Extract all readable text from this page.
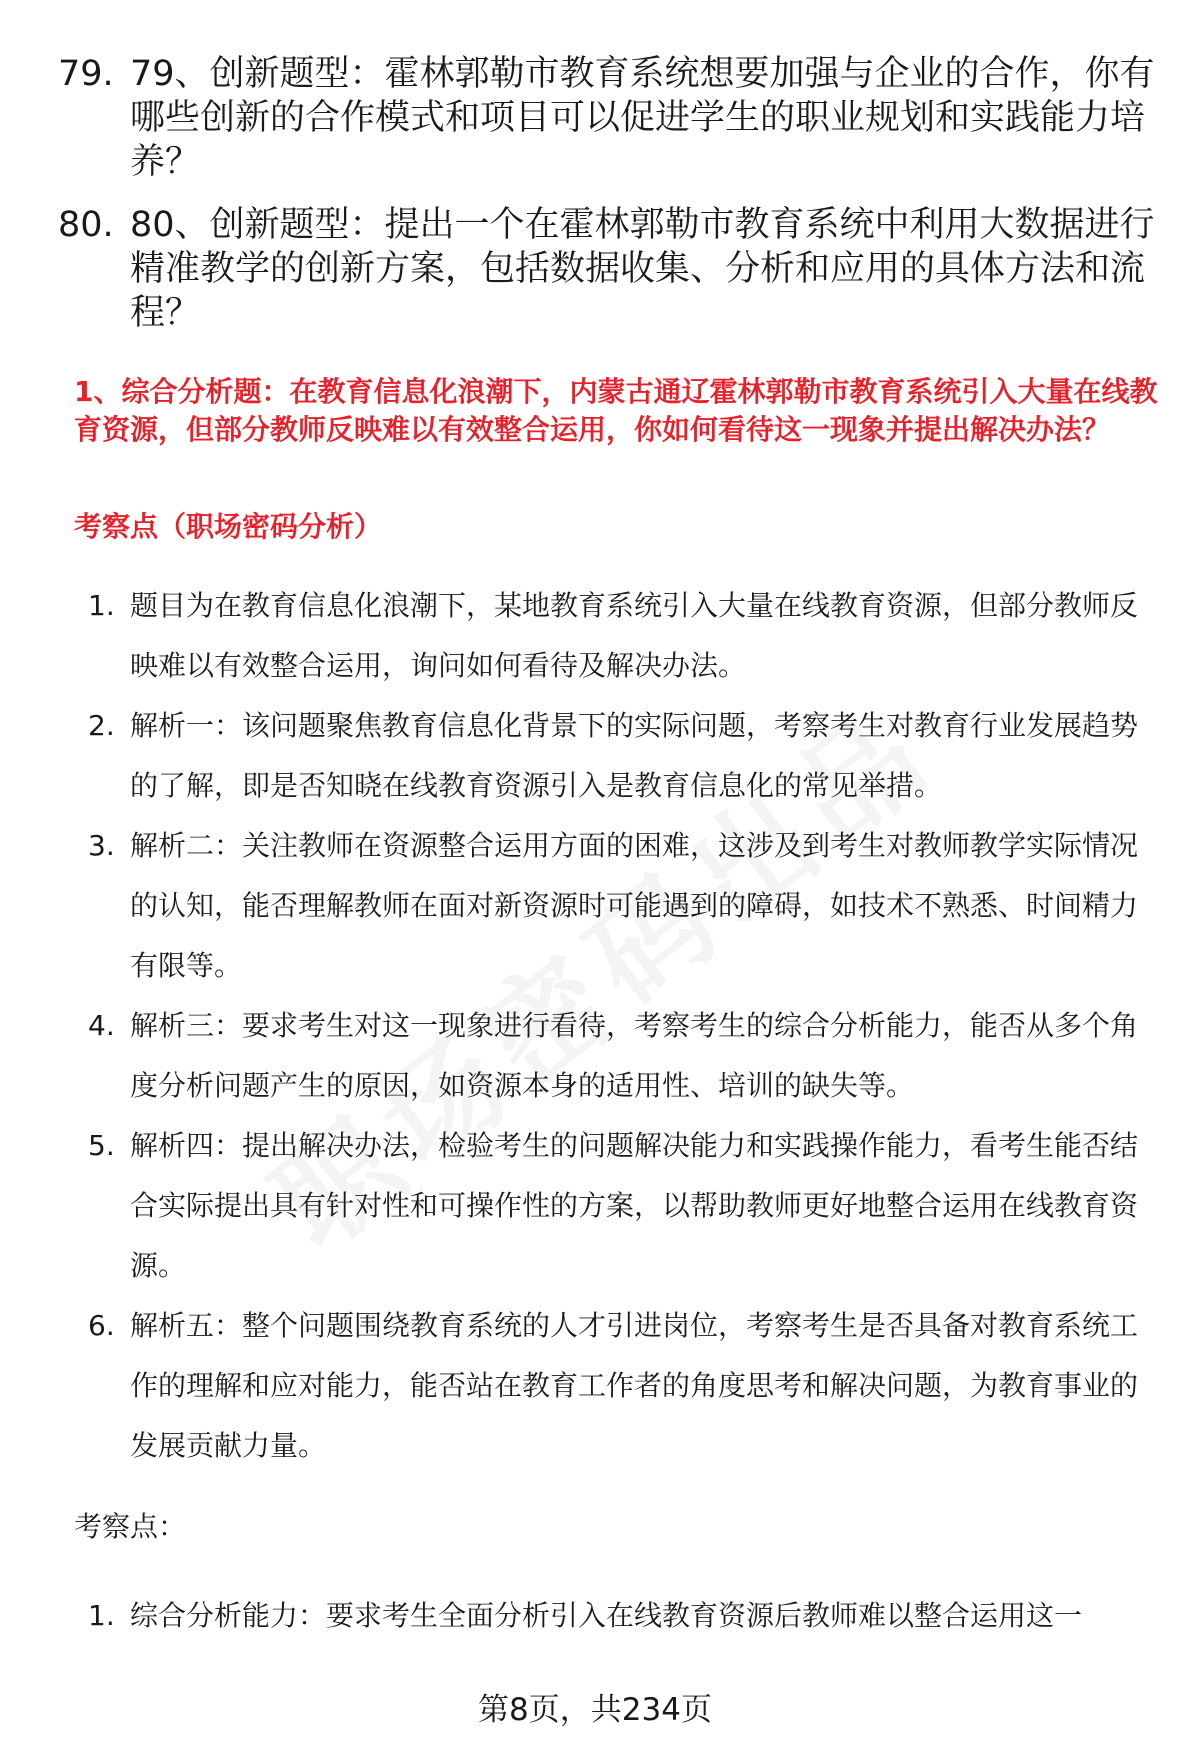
79. 79、创新题型：霍林郭勒市教育系统想要加强与企业的合作，你有哪些创新的合作模式和项目可以促进学生的职业规划和实践能力培养？
80. 80、创新题型：提出一个在霍林郭勒市教育系统中利用大数据进行精准教学的创新方案，包括数据收集、分析和应用的具体方法和流程？
1、综合分析题：在教育信息化浪潮下，内蒙古通辽霍林郭勒市教育系统引入大量在线教育资源，但部分教师反映难以有效整合运用，你如何看待这一现象并提出解决办法？
考察点（职场密码分析）
1. 题目为在教育信息化浪潮下，某地教育系统引入大量在线教育资源，但部分教师反映难以有效整合运用，询问如何看待及解决办法。
2. 解析一：该问题聚焦教育信息化背景下的实际问题，考察考生对教育行业发展趋势的了解，即是否知晓在线教育资源引入是教育信息化的常见举措。
3. 解析二：关注教师在资源整合运用方面的困难，这涉及到考生对教师教学实际情况的认知，能否理解教师在面对新资源时可能遇到的障碍，如技术不熟悉、时间精力有限等。
4. 解析三：要求考生对这一现象进行看待，考察考生的综合分析能力，能否从多个角度分析问题产生的原因，如资源本身的适用性、培训的缺失等。
5. 解析四：提出解决办法，检验考生的问题解决能力和实践操作能力，看考生能否结合实际提出具有针对性和可操作性的方案，以帮助教师更好地整合运用在线教育资源。
6. 解析五：整个问题围绕教育系统的人才引进岗位，考察考生是否具备对教育系统工作的理解和应对能力，能否站在教育工作者的角度思考和解决问题，为教育事业的发展贡献力量。
考察点：
1. 综合分析能力：要求考生全面分析引入在线教育资源后教师难以整合运用这一
第8页，共234页
